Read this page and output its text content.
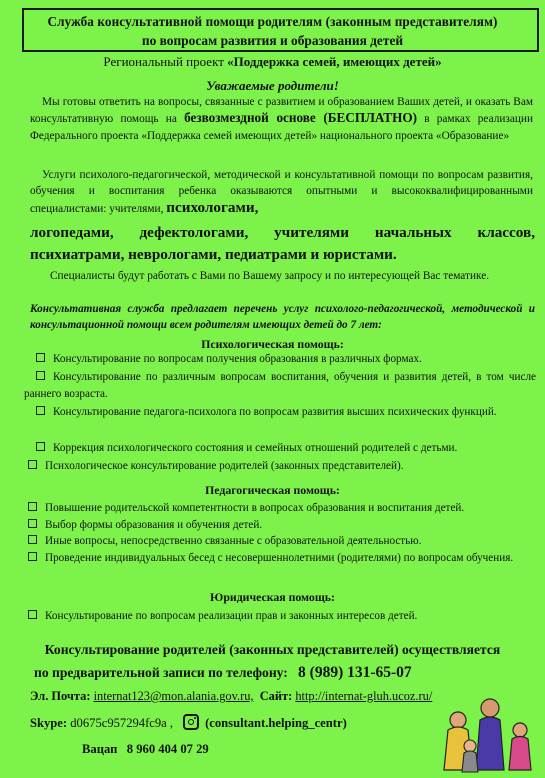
Служба консультативной помощи родителям (законным представителям)
по вопросам развития и образования детей
Региональный проект «Поддержка семей, имеющих детей»
Уважаемые родители!
Мы готовы ответить на вопросы, связанные с развитием и образованием Ваших детей, и оказать Вам консультативную помощь на безвозмездной основе (БЕСПЛАТНО) в рамках реализации Федерального проекта «Поддержка семей имеющих детей» национального проекта «Образование»
Услуги психолого-педагогической, методической и консультативной помощи по вопросам развития, обучения и воспитания ребенка оказываются опытными и высококвалифицированными специалистами: учителями, психологами,
логопедами, дефектологами, учителями начальных классов, психиатрами, неврологами, педиатрами и юристами.
Специалисты будут работать с Вами по Вашему запросу и по интересующей Вас тематике.
Консультативная служба предлагает перечень услуг психолого-педагогической, методической и консультационной помощи всем родителям имеющих детей до 7 лет:
Психологическая помощь:
Консультирование по вопросам получения образования в различных формах.
Консультирование по различным вопросам воспитания, обучения и развития детей, в том числе раннего возраста.
Консультирование педагога-психолога по вопросам развития высших психических функций.
Коррекция психологического состояния и семейных отношений родителей с детьми.
Психологическое консультирование родителей (законных представителей).
Педагогическая помощь:
Повышение родительской компетентности в вопросах образования и воспитания детей.
Выбор формы образования и обучения детей.
Иные вопросы, непосредственно связанные с образовательной деятельностью.
Проведение индивидуальных бесед с несовершеннолетними (родителями) по вопросам обучения.
Юридическая помощь:
Консультирование по вопросам реализации прав и законных интересов детей.
Консультирование родителей (законных представителей) осуществляется
по предварительной записи по телефону: 8 (989) 131-65-07
Эл. Почта: internat123@mon.alania.gov.ru, Сайт: http://internat-gluh.ucoz.ru/
Skype: d0675c957294fc9a ,	(consultant.helping_centr)
Вацап 8 960 404 07 29
